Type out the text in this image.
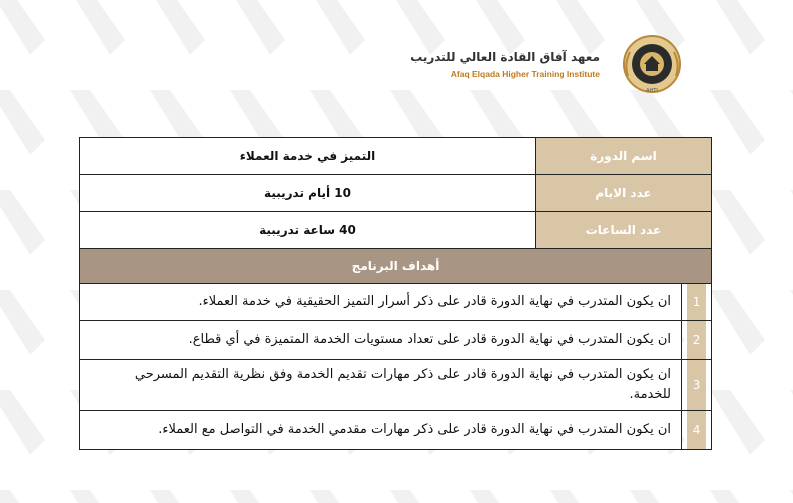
AHTI
معهد آفاق القادة العالي للتدريب
Afaq Elqada Higher Training Institute
اسم الدورة		التميز في خدمة العملاء
عدد الايام		10 أيام تدريبية
عدد الساعات		40 ساعة تدريبية
أهداف البرنامج		

1	ان يكون المتدرب في نهاية الدورة قادر على ذكر أسرار التميز الحقيقية في خدمة العملاء.	

2	ان يكون المتدرب في نهاية الدورة قادر على تعداد مستويات الخدمة المتميزة في أي قطاع.	

3	ان يكون المتدرب في نهاية الدورة قادر على ذكر مهارات تقديم الخدمة وفق نظرية التقديم المسرحي للخدمة.	

4	ان يكون المتدرب في نهاية الدورة قادر على ذكر مهارات مقدمي الخدمة في التواصل مع العملاء.	
